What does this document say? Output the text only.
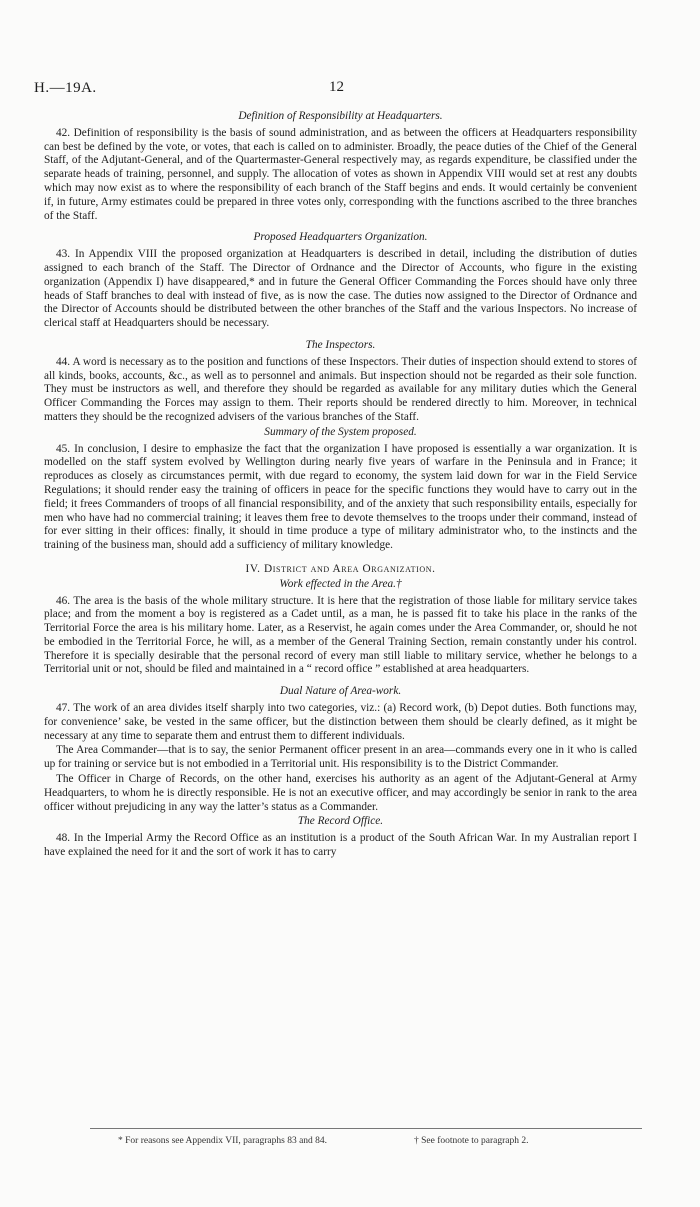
H.—19A.	12
Definition of Responsibility at Headquarters.

42. Definition of responsibility is the basis of sound administration, and as between the officers at Headquarters responsibility can best be defined by the vote, or votes, that each is called on to administer. Broadly, the peace duties of the Chief of the General Staff, of the Adjutant-General, and of the Quartermaster-General respectively may, as regards expenditure, be classified under the separate heads of training, personnel, and supply. The allocation of votes as shown in Appendix VIII would set at rest any doubts which may now exist as to where the responsibility of each branch of the Staff begins and ends. It would certainly be convenient if, in future, Army estimates could be prepared in three votes only, corresponding with the functions ascribed to the three branches of the Staff.

Proposed Headquarters Organization.

43. In Appendix VIII the proposed organization at Headquarters is described in detail, including the distribution of duties assigned to each branch of the Staff. The Director of Ordnance and the Director of Accounts, who figure in the existing organization (Appendix I) have disappeared,* and in future the General Officer Commanding the Forces should have only three heads of Staff branches to deal with instead of five, as is now the case. The duties now assigned to the Director of Ordnance and the Director of Accounts should be distributed between the other branches of the Staff and the various Inspectors. No increase of clerical staff at Headquarters should be necessary.

The Inspectors.

44. A word is necessary as to the position and functions of these Inspectors. Their duties of inspection should extend to stores of all kinds, books, accounts, &c., as well as to personnel and animals. But inspection should not be regarded as their sole function. They must be instructors as well, and therefore they should be regarded as available for any military duties which the General Officer Commanding the Forces may assign to them. Their reports should be rendered directly to him. Moreover, in technical matters they should be the recognized advisers of the various branches of the Staff.

Summary of the System proposed.

45. In conclusion, I desire to emphasize the fact that the organization I have proposed is essentially a war organization. It is modelled on the staff system evolved by Wellington during nearly five years of warfare in the Peninsula and in France; it reproduces as closely as circumstances permit, with due regard to economy, the system laid down for war in the Field Service Regulations; it should render easy the training of officers in peace for the specific functions they would have to carry out in the field; it frees Commanders of troops of all financial responsibility, and of the anxiety that such responsibility entails, especially for men who have had no commercial training; it leaves them free to devote themselves to the troops under their command, instead of for ever sitting in their offices: finally, it should in time produce a type of military administrator who, to the instincts and the training of the business man, should add a sufficiency of military knowledge.

IV. District and Area Organization.
Work effected in the Area.†

46. The area is the basis of the whole military structure. It is here that the registration of those liable for military service takes place; and from the moment a boy is registered as a Cadet until, as a man, he is passed fit to take his place in the ranks of the Territorial Force the area is his military home. Later, as a Reservist, he again comes under the Area Commander, or, should he not be embodied in the Territorial Force, he will, as a member of the General Training Section, remain constantly under his control. Therefore it is specially desirable that the personal record of every man still liable to military service, whether he belongs to a Territorial unit or not, should be filed and maintained in a “ record office ” established at area headquarters.

Dual Nature of Area-work.

47. The work of an area divides itself sharply into two categories, viz.: (a) Record work, (b) Depot duties. Both functions may, for convenience’ sake, be vested in the same officer, but the distinction between them should be clearly defined, as it might be necessary at any time to separate them and entrust them to different individuals.

The Area Commander—that is to say, the senior Permanent officer present in an area—commands every one in it who is called up for training or service but is not embodied in a Territorial unit. His responsibility is to the District Commander.

The Officer in Charge of Records, on the other hand, exercises his authority as an agent of the Adjutant-General at Army Headquarters, to whom he is directly responsible. He is not an executive officer, and may accordingly be senior in rank to the area officer without prejudicing in any way the latter’s status as a Commander.

The Record Office.

48. In the Imperial Army the Record Office as an institution is a product of the South African War. In my Australian report I have explained the need for it and the sort of work it has to carry

* For reasons see Appendix VII, paragraphs 83 and 84.	† See footnote to paragraph 2.
